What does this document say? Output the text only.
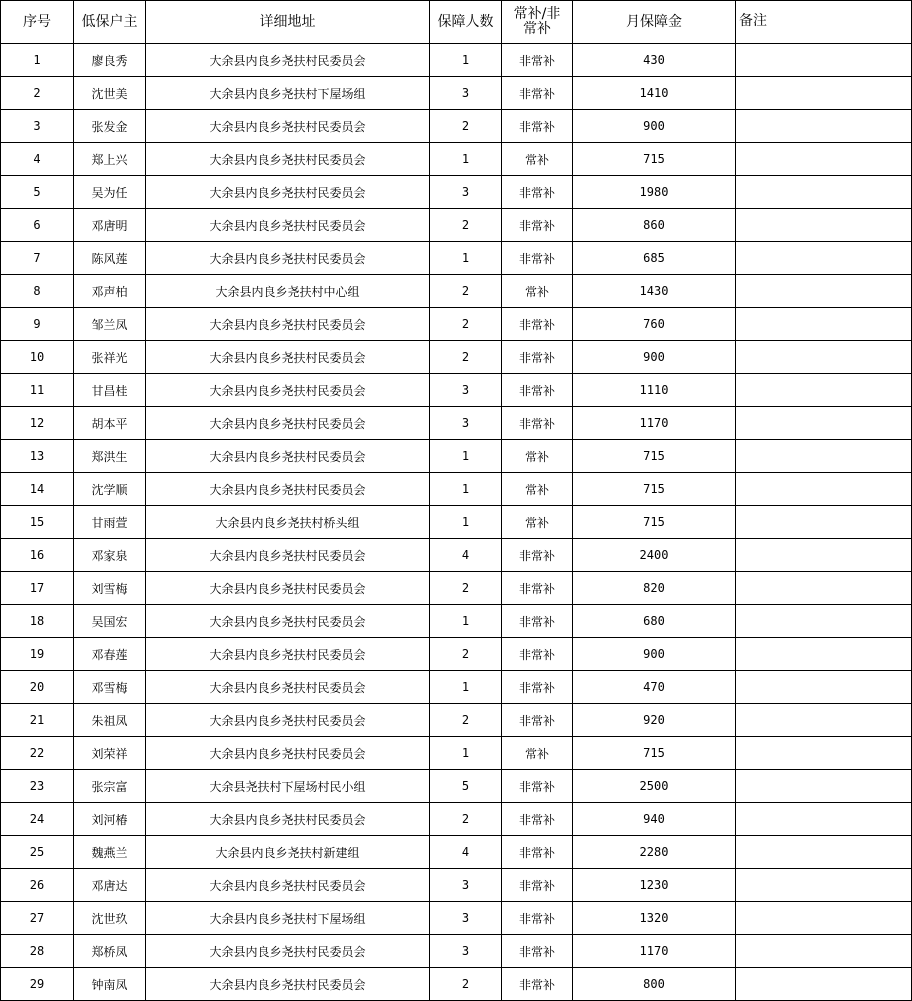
序号	低保户主	详细地址	保障人数	常补/非常补	月保障金	备注
1	廖良秀	大余县内良乡尧扶村民委员会	1	非常补	430	
2	沈世美	大余县内良乡尧扶村下屋场组	3	非常补	1410	
3	张发金	大余县内良乡尧扶村民委员会	2	非常补	900	
4	郑上兴	大余县内良乡尧扶村民委员会	1	常补	715	
5	吴为任	大余县内良乡尧扶村民委员会	3	非常补	1980	
6	邓唐明	大余县内良乡尧扶村民委员会	2	非常补	860	
7	陈风莲	大余县内良乡尧扶村民委员会	1	非常补	685	
8	邓声柏	大余县内良乡尧扶村中心组	2	常补	1430	
9	邹兰凤	大余县内良乡尧扶村民委员会	2	非常补	760	
10	张祥光	大余县内良乡尧扶村民委员会	2	非常补	900	
11	甘昌桂	大余县内良乡尧扶村民委员会	3	非常补	1110	
12	胡本平	大余县内良乡尧扶村民委员会	3	非常补	1170	
13	郑洪生	大余县内良乡尧扶村民委员会	1	常补	715	
14	沈学顺	大余县内良乡尧扶村民委员会	1	常补	715	
15	甘雨萱	大余县内良乡尧扶村桥头组	1	常补	715	
16	邓家泉	大余县内良乡尧扶村民委员会	4	非常补	2400	
17	刘雪梅	大余县内良乡尧扶村民委员会	2	非常补	820	
18	吴国宏	大余县内良乡尧扶村民委员会	1	非常补	680	
19	邓春莲	大余县内良乡尧扶村民委员会	2	非常补	900	
20	邓雪梅	大余县内良乡尧扶村民委员会	1	非常补	470	
21	朱祖凤	大余县内良乡尧扶村民委员会	2	非常补	920	
22	刘荣祥	大余县内良乡尧扶村民委员会	1	常补	715	
23	张宗富	大余县尧扶村下屋场村民小组	5	非常补	2500	
24	刘河椿	大余县内良乡尧扶村民委员会	2	非常补	940	
25	魏燕兰	大余县内良乡尧扶村新建组	4	非常补	2280	
26	邓唐达	大余县内良乡尧扶村民委员会	3	非常补	1230	
27	沈世玖	大余县内良乡尧扶村下屋场组	3	非常补	1320	
28	郑桥凤	大余县内良乡尧扶村民委员会	3	非常补	1170	
29	钟南凤	大余县内良乡尧扶村民委员会	2	非常补	800	
